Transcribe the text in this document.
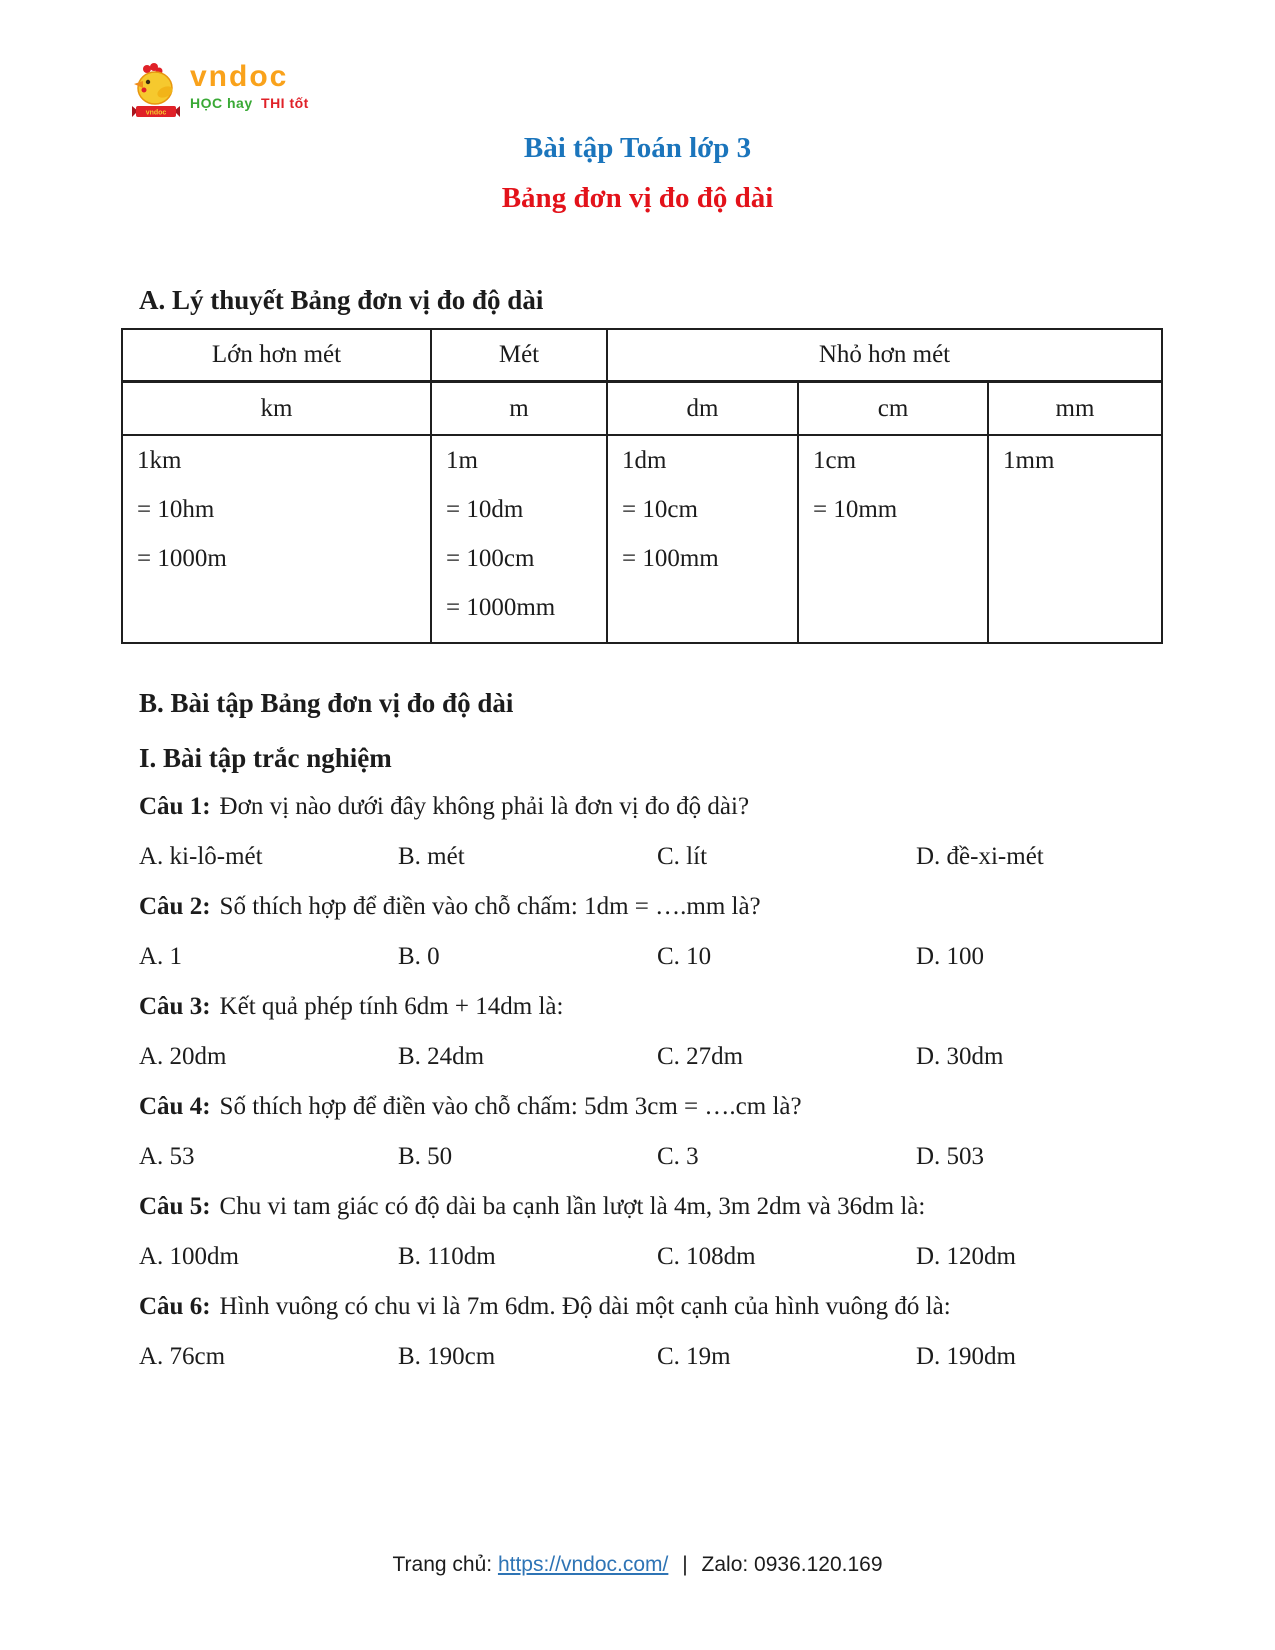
vndoc
vndoc
HỌC hay THI tốt
Bài tập Toán lớp 3
Bảng đơn vị đo độ dài
A. Lý thuyết Bảng đơn vị đo độ dài
Lớn hơn mét	Mét	Nhỏ hơn mét		
km	m	dm	cm	mm

1km
= 10hm
= 1000m

1m
= 10dm
= 100cm
= 1000mm

1dm
= 10cm
= 100mm

1cm
= 10mm

1mm
B. Bài tập Bảng đơn vị đo độ dài
I. Bài tập trắc nghiệm
Câu 1: Đơn vị nào dưới đây không phải là đơn vị đo độ dài?
A. ki-lô-mét	B. mét	C. lít	D. đề-xi-mét
Câu 2: Số thích hợp để điền vào chỗ chấm: 1dm = ….mm là?
A. 1	B. 0	C. 10	D. 100
Câu 3: Kết quả phép tính 6dm + 14dm là:
A. 20dm	B. 24dm	C. 27dm	D. 30dm
Câu 4: Số thích hợp để điền vào chỗ chấm: 5dm 3cm = ….cm là?
A. 53	B. 50	C. 3	D. 503
Câu 5: Chu vi tam giác có độ dài ba cạnh lần lượt là 4m, 3m 2dm và 36dm là:
A. 100dm	B. 110dm	C. 108dm	D. 120dm
Câu 6: Hình vuông có chu vi là 7m 6dm. Độ dài một cạnh của hình vuông đó là:
A. 76cm	B. 190cm	C. 19m	D. 190dm
Trang chủ: https://vndoc.com/ | Zalo: 0936.120.169
